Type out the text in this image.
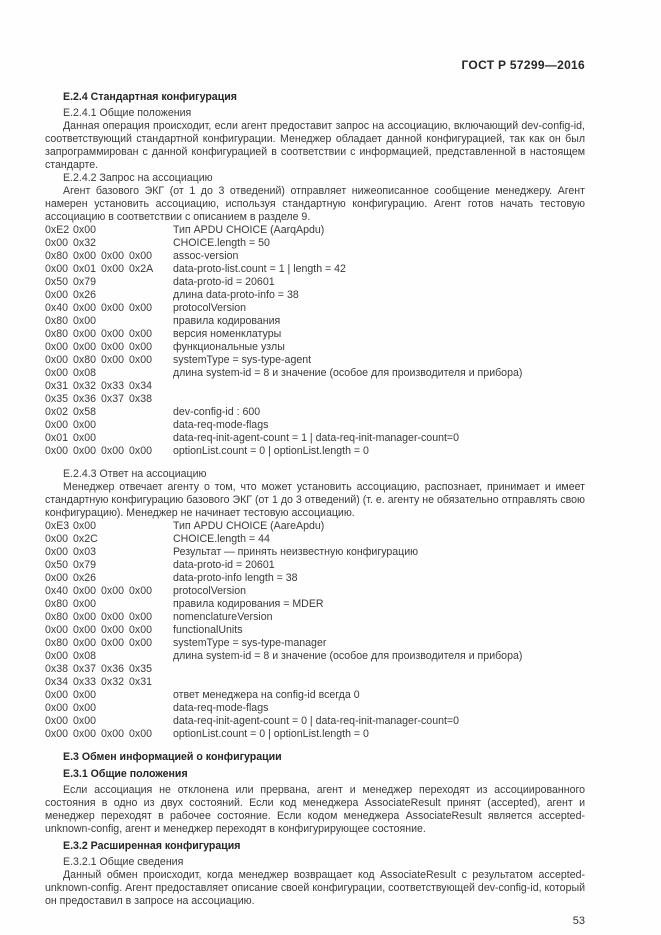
ГОСТ Р 57299—2016
Е.2.4 Стандартная конфигурация
Е.2.4.1 Общие положения

Данная операция происходит, если агент предоставит запрос на ассоциацию, включающий dev-config-id, соответствующий стандартной конфигурации. Менеджер обладает данной конфигурацией, так как он был запрограммирован с данной конфигурацией в соответствии с информацией, представленной в настоящем стандарте.

Е.2.4.2 Запрос на ассоциацию

Агент базового ЭКГ (от 1 до 3 отведений) отправляет нижеописанное сообщение менеджеру. Агент намерен установить ассоциацию, используя стандартную конфигурацию. Агент готов начать тестовую ассоциацию в соответствии с описанием в разделе 9.

0xE2 0x00	Тип APDU CHOICE (AarqApdu)
0x00 0x32	CHOICE.length = 50
0x80 0x00 0x00 0x00	assoc-version
0x00 0x01 0x00 0x2A	data-proto-list.count = 1 | length = 42
0x50 0x79	data-proto-id = 20601
0x00 0x26	длина data-proto-info = 38
0x40 0x00 0x00 0x00	protocolVersion
0x80 0x00	правила кодирования
0x80 0x00 0x00 0x00	версия номенклатуры
0x00 0x00 0x00 0x00	функциональные узлы
0x00 0x80 0x00 0x00	systemType = sys-type-agent
0x00 0x08	длина system-id = 8 и значение (особое для производителя и прибора)
0x31 0x32 0x33 0x34
0x35 0x36 0x37 0x38
0x02 0x58	dev-config-id : 600
0x00 0x00	data-req-mode-flags
0x01 0x00	data-req-init-agent-count = 1 | data-req-init-manager-count=0
0x00 0x00 0x00 0x00	optionList.count = 0 | optionList.length = 0
Е.2.4.3 Ответ на ассоциацию

Менеджер отвечает агенту о том, что может установить ассоциацию, распознает, принимает и имеет стандартную конфигурацию базового ЭКГ (от 1 до 3 отведений) (т. е. агенту не обязательно отправлять свою конфигурацию). Менеджер не начинает тестовую ассоциацию.

0xE3 0x00	Тип APDU CHOICE (AareApdu)
0x00 0x2C	CHOICE.length = 44
0x00 0x03	Результат — принять неизвестную конфигурацию
0x50 0x79	data-proto-id = 20601
0x00 0x26	data-proto-info length = 38
0x40 0x00 0x00 0x00	protocolVersion
0x80 0x00	правила кодирования = MDER
0x80 0x00 0x00 0x00	nomenclatureVersion
0x00 0x00 0x00 0x00	functionalUnits
0x80 0x00 0x00 0x00	systemType = sys-type-manager
0x00 0x08	длина system-id = 8 и значение (особое для производителя и прибора)
0x38 0x37 0x36 0x35
0x34 0x33 0x32 0x31
0x00 0x00	ответ менеджера на config-id всегда 0
0x00 0x00	data-req-mode-flags
0x00 0x00	data-req-init-agent-count = 0 | data-req-init-manager-count=0
0x00 0x00 0x00 0x00	optionList.count = 0 | optionList.length = 0
Е.3 Обмен информацией о конфигурации
Е.3.1 Общие положения

Если ассоциация не отклонена или прервана, агент и менеджер переходят из ассоциированного состояния в одно из двух состояний. Если код менеджера AssociateResult принят (accepted), агент и менеджер переходят в рабочее состояние. Если кодом менеджера AssociateResult является accepted-unknown-config, агент и менеджер переходят в конфигурирующее состояние.

Е.3.2 Расширенная конфигурация
Е.3.2.1 Общие сведения

Данный обмен происходит, когда менеджер возвращает код AssociateResult с результатом accepted-unknown-config. Агент предоставляет описание своей конфигурации, соответствующей dev-config-id, который он предоставил в запросе на ассоциацию.

53
